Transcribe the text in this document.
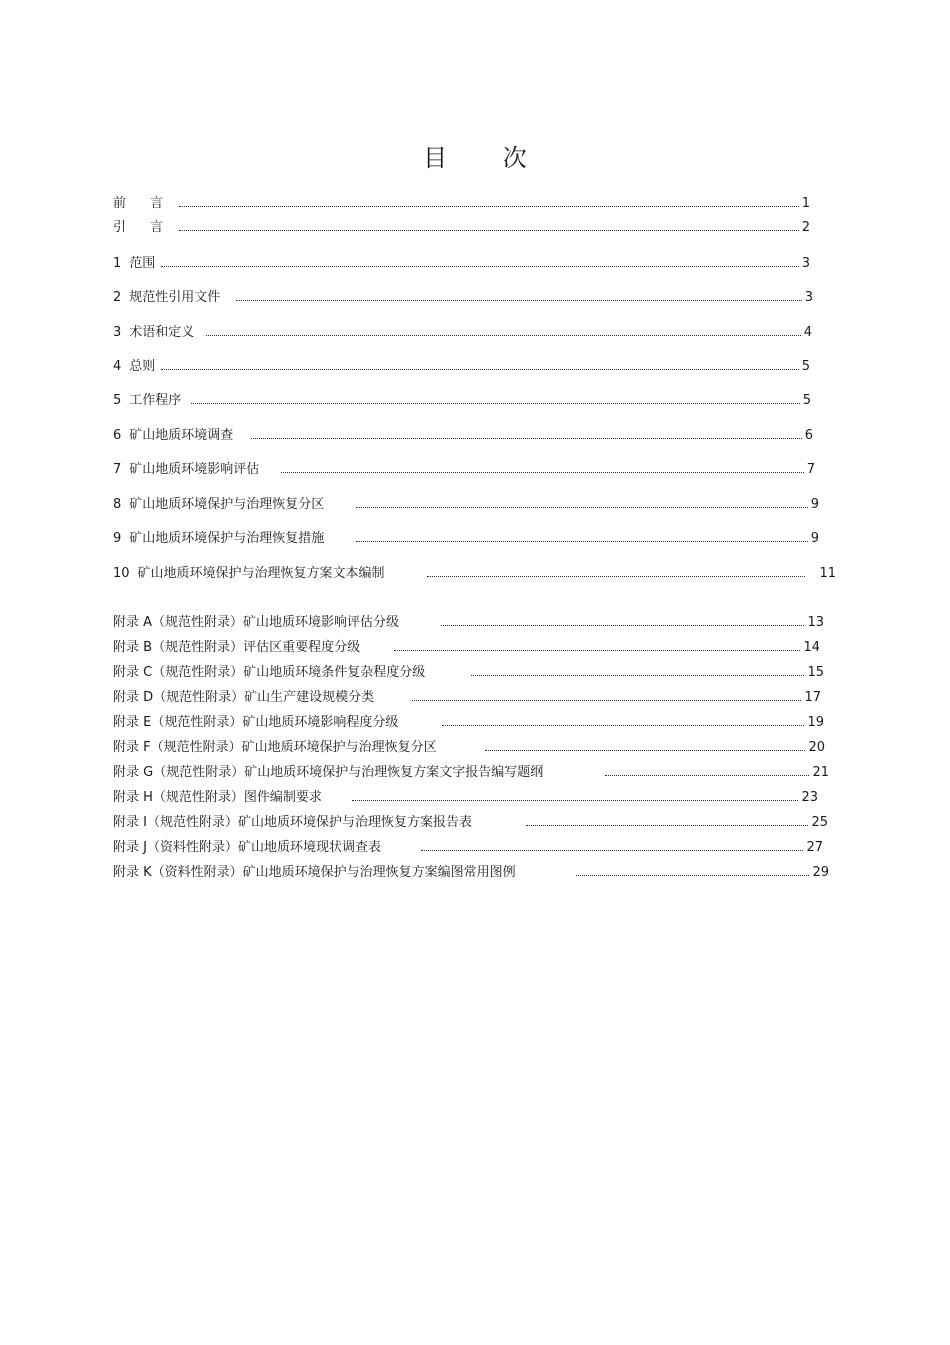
目 次
前 言	1
引 言	2
1 范围	3
2 规范性引用文件	3
3 术语和定义	4
4 总则	5
5 工作程序	5
6 矿山地质环境调查	6
7 矿山地质环境影响评估	7
8 矿山地质环境保护与治理恢复分区	9
9 矿山地质环境保护与治理恢复措施	9
10 矿山地质环境保护与治理恢复方案文本编制	11
附录 A （规范性附录）矿山地质环境影响评估分级	13
附录 B （规范性附录）评估区重要程度分级	14
附录 C （规范性附录）矿山地质环境条件复杂程度分级	15
附录 D （规范性附录）矿山生产建设规模分类	17
附录 E （规范性附录）矿山地质环境影响程度分级	19
附录 F （规范性附录）矿山地质环境保护与治理恢复分区	20
附录 G （规范性附录）矿山地质环境保护与治理恢复方案文字报告编写题纲	21
附录 H （规范性附录）图件编制要求	23
附录 I （规范性附录）矿山地质环境保护与治理恢复方案报告表	25
附录 J （资料性附录）矿山地质环境现状调查表	27
附录 K （资料性附录）矿山地质环境保护与治理恢复方案编图常用图例	29
